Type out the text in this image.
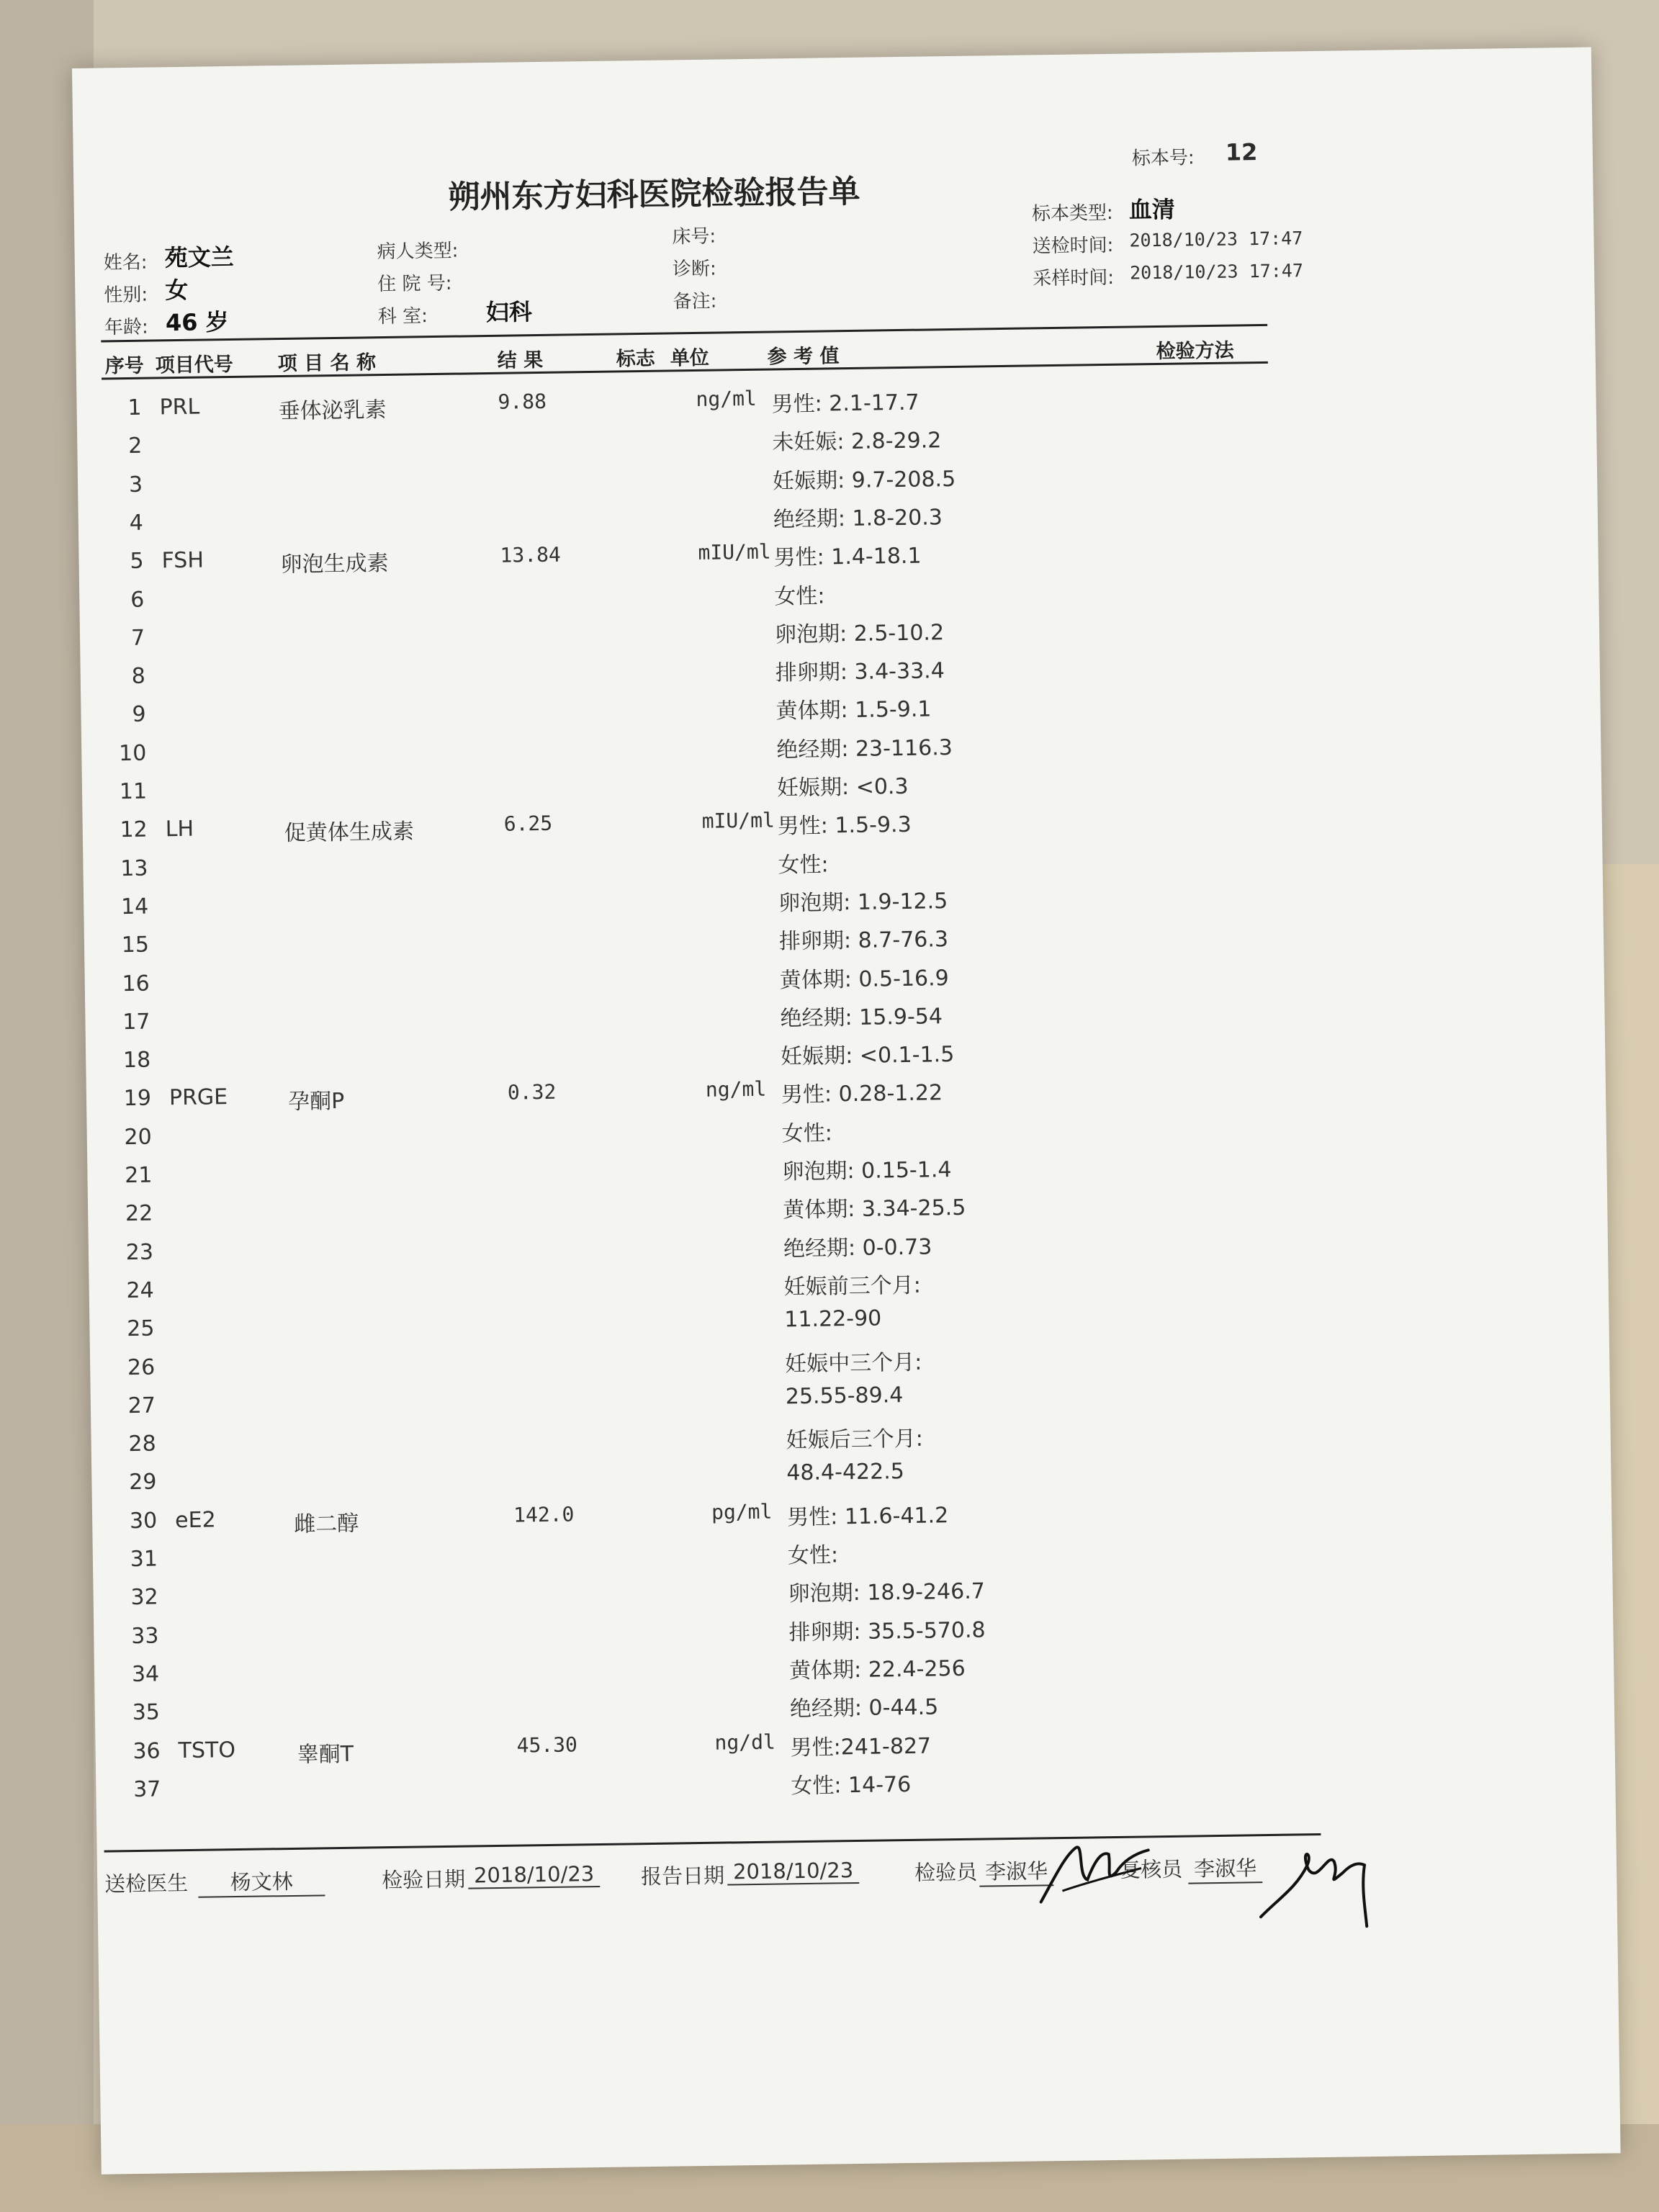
朔州东方妇科医院检验报告单
标本号: 12
标本类型: 血清
送检时间: 2018/10/23 17:47
采样时间: 2018/10/23 17:47
姓名: 苑文兰
性别: 女
年龄: 46 岁
病人类型:
住 院 号:
科 室:	妇科
床号:
诊断:
备注:
序号 项目代号 项 目 名 称	结 果	标志 单位	参 考 值	检验方法
1 PRL	垂体泌乳素	9.88	ng/ml 男性: 2.1-17.7
2	未妊娠: 2.8-29.2
3	妊娠期: 9.7-208.5
4	绝经期: 1.8-20.3
5 FSH	卵泡生成素	13.84	mIU/ml 男性: 1.4-18.1
6	女性:
7	卵泡期: 2.5-10.2
8	排卵期: 3.4-33.4
9	黄体期: 1.5-9.1
10	绝经期: 23-116.3
11	妊娠期: <0.3
12 LH	促黄体生成素	6.25	mIU/ml 男性: 1.5-9.3
13	女性:
14	卵泡期: 1.9-12.5
15	排卵期: 8.7-76.3
16	黄体期: 0.5-16.9
17	绝经期: 15.9-54
18	妊娠期: <0.1-1.5
19 PRGE	孕酮P	0.32	ng/ml 男性: 0.28-1.22
20	女性:
21	卵泡期: 0.15-1.4
22	黄体期: 3.34-25.5
23	绝经期: 0-0.73
24	妊娠前三个月:
25	11.22-90
26	妊娠中三个月:
27	25.55-89.4
28	妊娠后三个月:
29	48.4-422.5
30 eE2	雌二醇	142.0	pg/ml 男性: 11.6-41.2
31	女性:
32	卵泡期: 18.9-246.7
33	排卵期: 35.5-570.8
34	黄体期: 22.4-256
35	绝经期: 0-44.5
36 TSTO	睾酮T	45.30	ng/dl 男性:241-827
37	女性: 14-76
送检医生	杨文林	检验日期 2018/10/23 报告日期 2018/10/23	检验员 李淑华	复核员 李淑华
